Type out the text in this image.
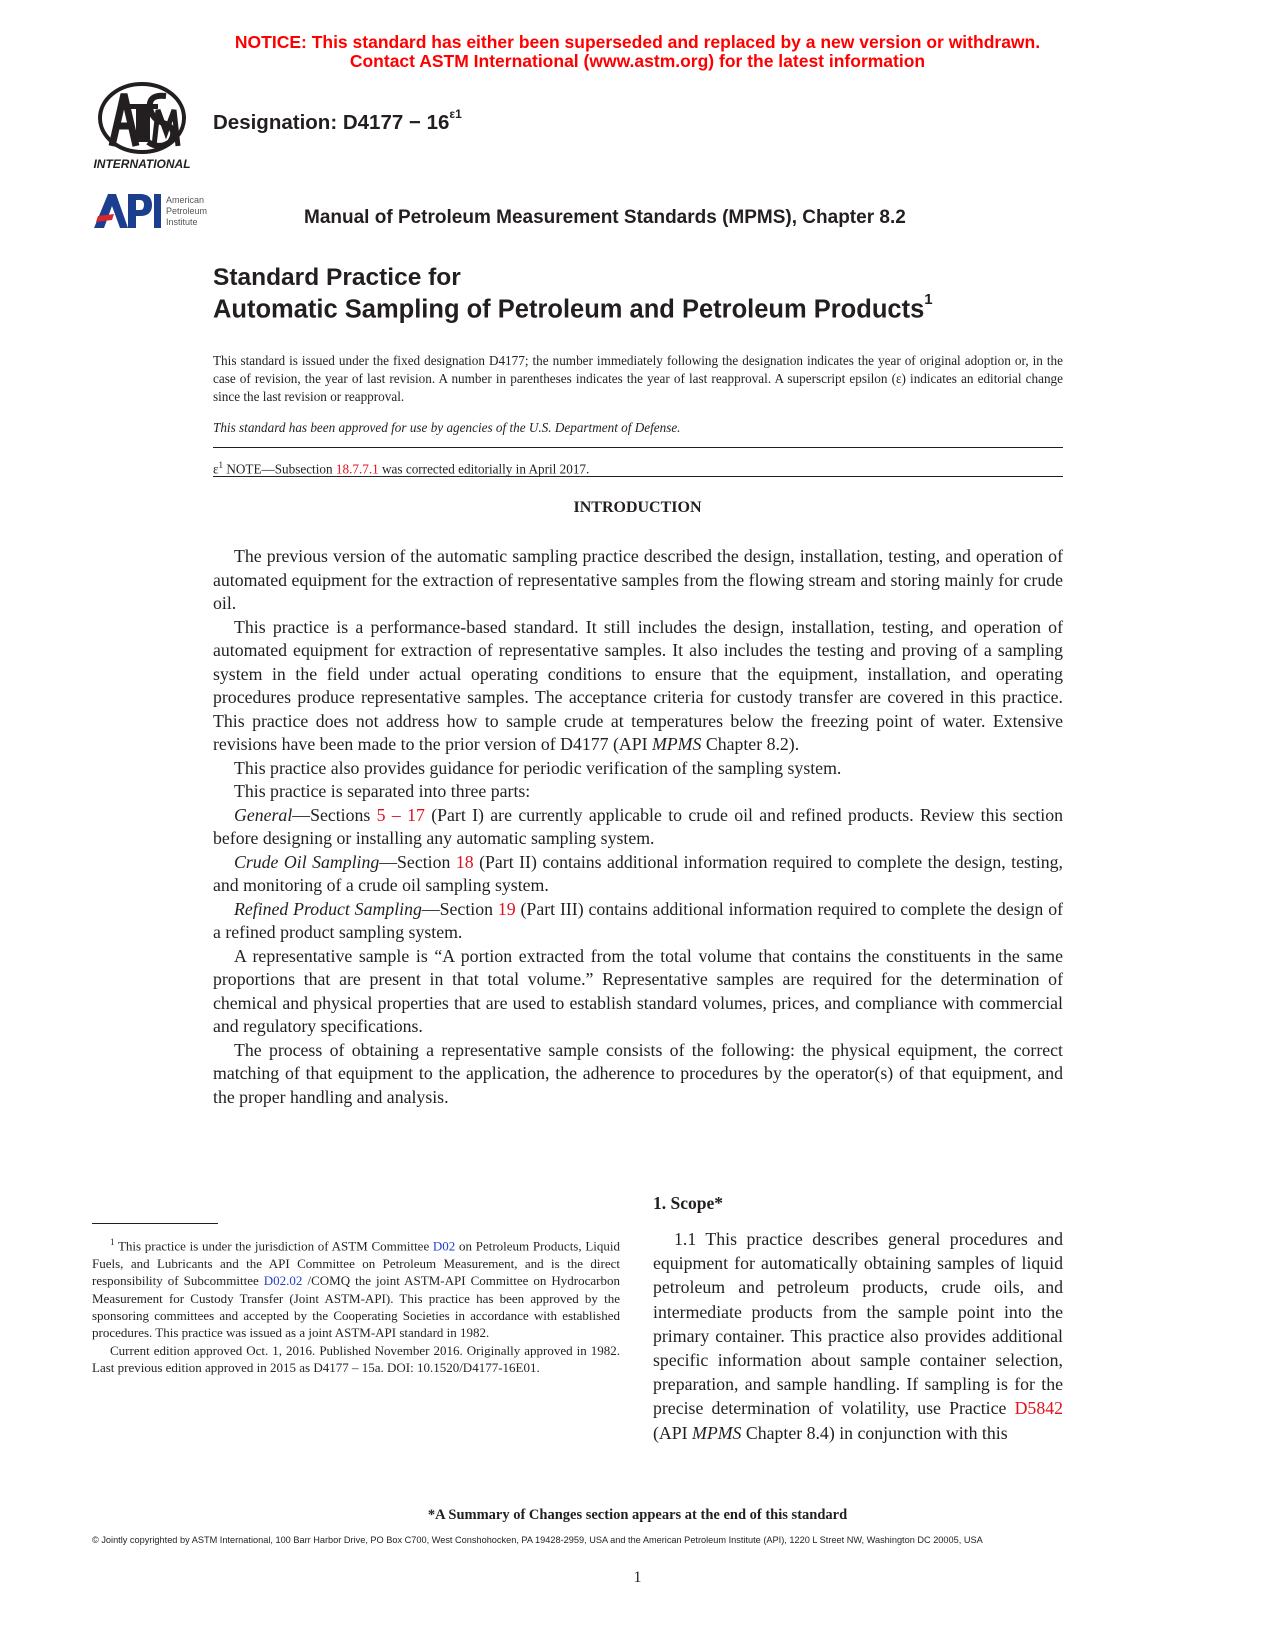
NOTICE: This standard has either been superseded and replaced by a new version or withdrawn.
Contact ASTM International (www.astm.org) for the latest information
INTERNATIONAL
Designation: $D4177 - 16^{\varepsilon 1}$
American
Petroleum
Institute	Manual of Petroleum Measurement Standards (MPMS), Chapter 8.2
Standard Practice for
Automatic Sampling of Petroleum and Petroleum Products$^1$
This standard is issued under the fixed designation D4177; the number immediately following the designation indicates the year of original adoption or, in the case of revision, the year of last revision. A number in parentheses indicates the year of last reapproval. A superscript epsilon (ε) indicates an editorial change since the last revision or reapproval.
This standard has been approved for use by agencies of the U.S. Department of Defense.
$\varepsilon^1$ NOTE—Subsection 18.7.7.1 was corrected editorially in April 2017.
INTRODUCTION

The previous version of the automatic sampling practice described the design, installation, testing, and operation of automated equipment for the extraction of representative samples from the flowing stream and storing mainly for crude oil.

This practice is a performance-based standard. It still includes the design, installation, testing, and operation of automated equipment for extraction of representative samples. It also includes the testing and proving of a sampling system in the field under actual operating conditions to ensure that the equipment, installation, and operating procedures produce representative samples. The acceptance criteria for custody transfer are covered in this practice. This practice does not address how to sample crude at temperatures below the freezing point of water. Extensive revisions have been made to the prior version of D4177 (API MPMS Chapter 8.2).

This practice also provides guidance for periodic verification of the sampling system.

This practice is separated into three parts:

General—Sections 5 – 17 (Part I) are currently applicable to crude oil and refined products. Review this section before designing or installing any automatic sampling system.

Crude Oil Sampling—Section 18 (Part II) contains additional information required to complete the design, testing, and monitoring of a crude oil sampling system.

Refined Product Sampling—Section 19 (Part III) contains additional information required to complete the design of a refined product sampling system.

A representative sample is “A portion extracted from the total volume that contains the constituents in the same proportions that are present in that total volume.” Representative samples are required for the determination of chemical and physical properties that are used to establish standard volumes, prices, and compliance with commercial and regulatory specifications.

The process of obtaining a representative sample consists of the following: the physical equipment, the correct matching of that equipment to the application, the adherence to procedures by the operator(s) of that equipment, and the proper handling and analysis.

$^1$ This practice is under the jurisdiction of ASTM Committee D02 on Petroleum Products, Liquid Fuels, and Lubricants and the API Committee on Petroleum Measurement, and is the direct responsibility of Subcommittee D02.02 /COMQ the joint ASTM-API Committee on Hydrocarbon Measurement for Custody Transfer (Joint ASTM-API). This practice has been approved by the sponsoring committees and accepted by the Cooperating Societies in accordance with established procedures. This practice was issued as a joint ASTM-API standard in 1982.

Current edition approved Oct. 1, 2016. Published November 2016. Originally approved in 1982. Last previous edition approved in 2015 as D4177 – 15a. DOI: 10.1520/D4177-16E01.

1. Scope*

1.1 This practice describes general procedures and equipment for automatically obtaining samples of liquid petroleum and petroleum products, crude oils, and intermediate products from the sample point into the primary container. This practice also provides additional specific information about sample container selection, preparation, and sample handling. If sampling is for the precise determination of volatility, use Practice D5842 (API MPMS Chapter 8.4) in conjunction with this

*A Summary of Changes section appears at the end of this standard
© Jointly copyrighted by ASTM International, 100 Barr Harbor Drive, PO Box C700, West Conshohocken, PA 19428-2959, USA and the American Petroleum Institute (API), 1220 L Street NW, Washington DC 20005, USA
1
